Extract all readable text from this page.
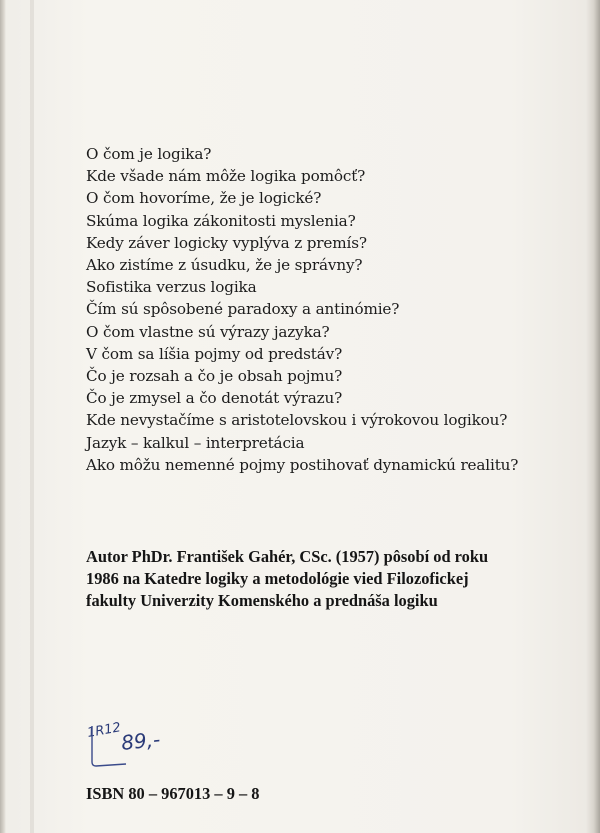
O čom je logika?
Kde všade nám môže logika pomôcť?
O čom hovoríme, že je logické?
Skúma logika zákonitosti myslenia?
Kedy záver logicky vyplýva z premís?
Ako zistíme z úsudku, že je správny?
Sofistika verzus logika
Čím sú spôsobené paradoxy a antinómie?
O čom vlastne sú výrazy jazyka?
V čom sa líšia pojmy od predstáv?
Čo je rozsah a čo je obsah pojmu?
Čo je zmysel a čo denotát výrazu?
Kde nevystačíme s aristotelovskou i výrokovou logikou?
Jazyk – kalkul – interpretácia
Ako môžu nemenné pojmy postihovať dynamickú realitu?

Autor PhDr. František Gahér, CSc. (1957) pôsobí od roku
1986 na Katedre logiky a metodológie vied Filozofickej
fakulty Univerzity Komenského a prednáša logiku

1R12
89,-

ISBN 80 – 967013 – 9 – 8
